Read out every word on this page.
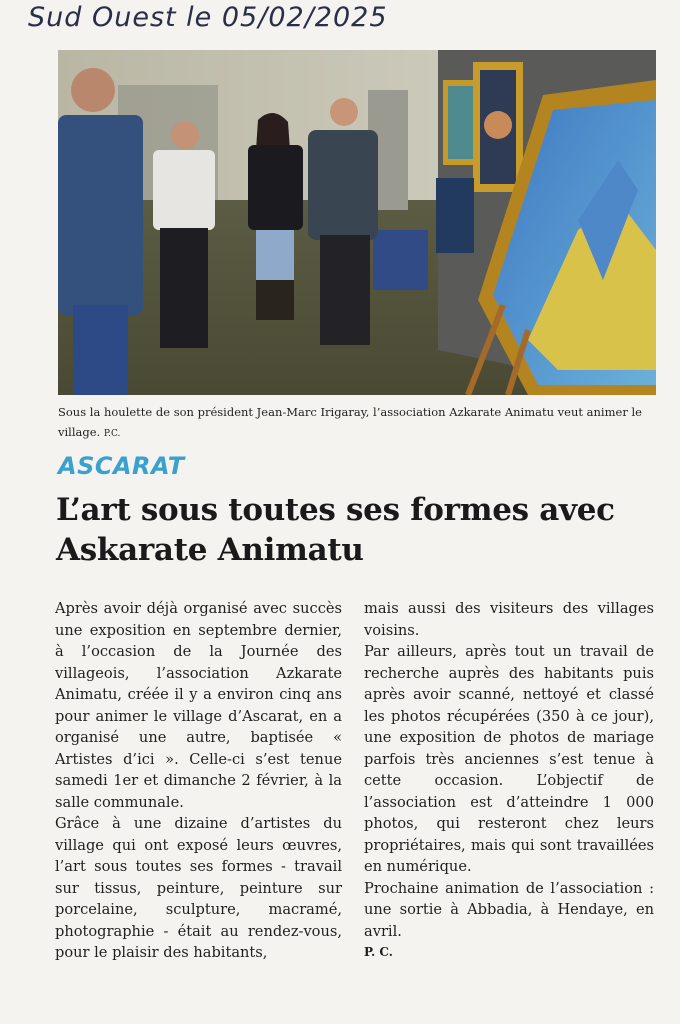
Sud Ouest le 05/02/2025
Sous la houlette de son président Jean-Marc Irigaray, l’association Azkarate Animatu veut animer le village. P.C.
ASCARAT
L’art sous toutes ses formes avec Askarate Animatu

Après avoir déjà organisé avec succès une exposition en septembre dernier, à l’occasion de la Journée des villageois, l’association Azkarate Animatu, créée il y a environ cinq ans pour animer le village d’Ascarat, en a organisé une autre, baptisée « Artistes d’ici ». Celle-ci s’est tenue samedi 1er et dimanche 2 février, à la salle communale.

Grâce à une dizaine d’artistes du village qui ont exposé leurs œuvres, l’art sous toutes ses formes - travail sur tissus, peinture, peinture sur porcelaine, sculpture, macramé, photographie - était au rendez-vous, pour le plaisir des habitants,

mais aussi des visiteurs des villages voisins.

Par ailleurs, après tout un travail de recherche auprès des habitants puis après avoir scanné, nettoyé et classé les photos récupérées (350 à ce jour), une exposition de photos de mariage parfois très anciennes s’est tenue à cette occasion. L’objectif de l’association est d’atteindre 1 000 photos, qui resteront chez leurs propriétaires, mais qui sont travaillées en numérique.

Prochaine animation de l’association : une sortie à Abbadia, à Hendaye, en avril.

P. C.
